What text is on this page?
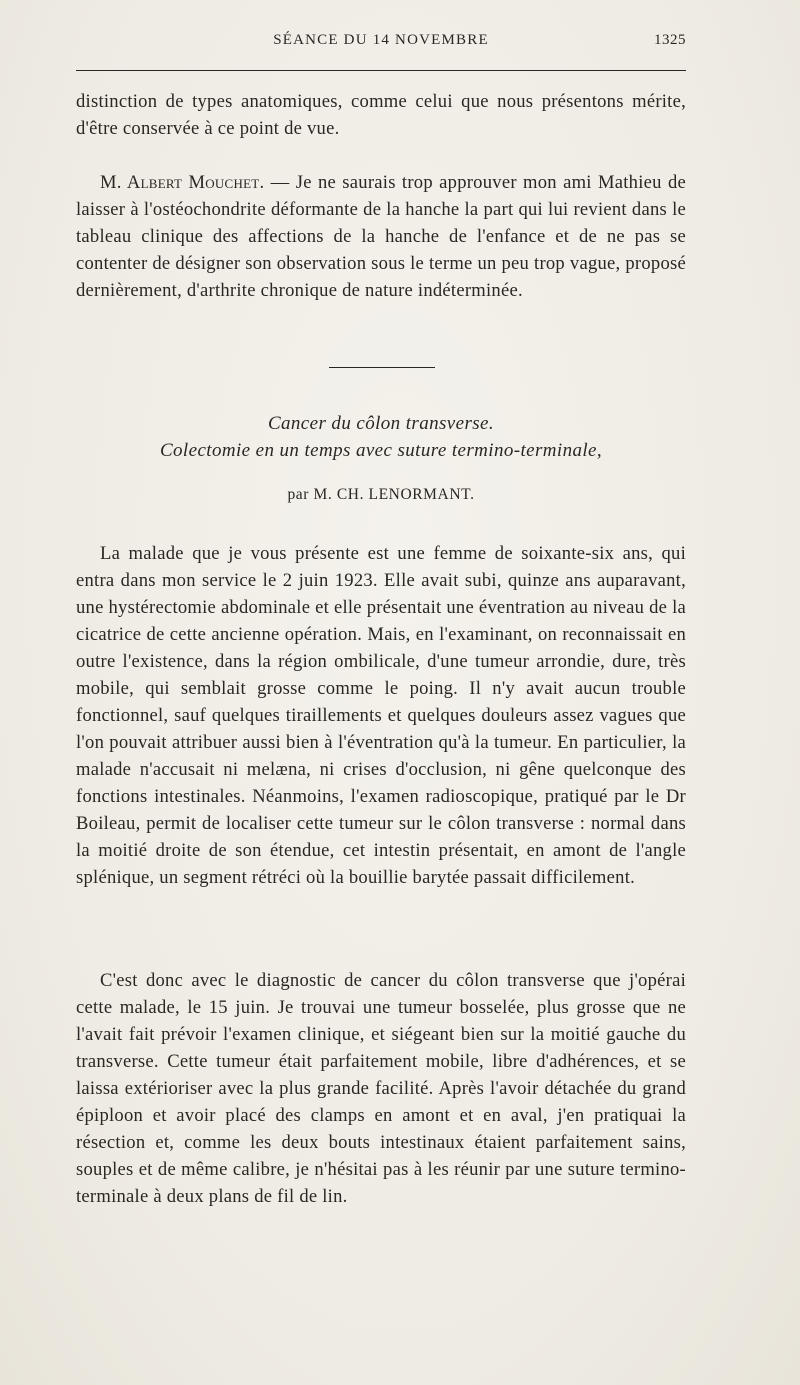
SÉANCE DU 14 NOVEMBRE	1325

distinction de types anatomiques, comme celui que nous présentons mérite, d'être conservée à ce point de vue.

M. Albert Mouchet. — Je ne saurais trop approuver mon ami Mathieu de laisser à l'ostéochondrite déformante de la hanche la part qui lui revient dans le tableau clinique des affections de la hanche de l'enfance et de ne pas se contenter de désigner son observation sous le terme un peu trop vague, proposé dernièrement, d'arthrite chronique de nature indéterminée.

Cancer du côlon transverse.
Colectomie en un temps avec suture termino-terminale,
par M. CH. LENORMANT.

La malade que je vous présente est une femme de soixante-six ans, qui entra dans mon service le 2 juin 1923. Elle avait subi, quinze ans auparavant, une hystérectomie abdominale et elle présentait une éventration au niveau de la cicatrice de cette ancienne opération. Mais, en l'examinant, on reconnaissait en outre l'existence, dans la région ombilicale, d'une tumeur arrondie, dure, très mobile, qui semblait grosse comme le poing. Il n'y avait aucun trouble fonctionnel, sauf quelques tiraillements et quelques douleurs assez vagues que l'on pouvait attribuer aussi bien à l'éventration qu'à la tumeur. En particulier, la malade n'accusait ni melæna, ni crises d'occlusion, ni gêne quelconque des fonctions intestinales. Néanmoins, l'examen radioscopique, pratiqué par le Dr Boileau, permit de localiser cette tumeur sur le côlon transverse : normal dans la moitié droite de son étendue, cet intestin présentait, en amont de l'angle splénique, un segment rétréci où la bouillie barytée passait difficilement.

C'est donc avec le diagnostic de cancer du côlon transverse que j'opérai cette malade, le 15 juin. Je trouvai une tumeur bosselée, plus grosse que ne l'avait fait prévoir l'examen clinique, et siégeant bien sur la moitié gauche du transverse. Cette tumeur était parfaitement mobile, libre d'adhérences, et se laissa extérioriser avec la plus grande facilité. Après l'avoir détachée du grand épiploon et avoir placé des clamps en amont et en aval, j'en pratiquai la résection et, comme les deux bouts intestinaux étaient parfaitement sains, souples et de même calibre, je n'hésitai pas à les réunir par une suture termino-terminale à deux plans de fil de lin.
